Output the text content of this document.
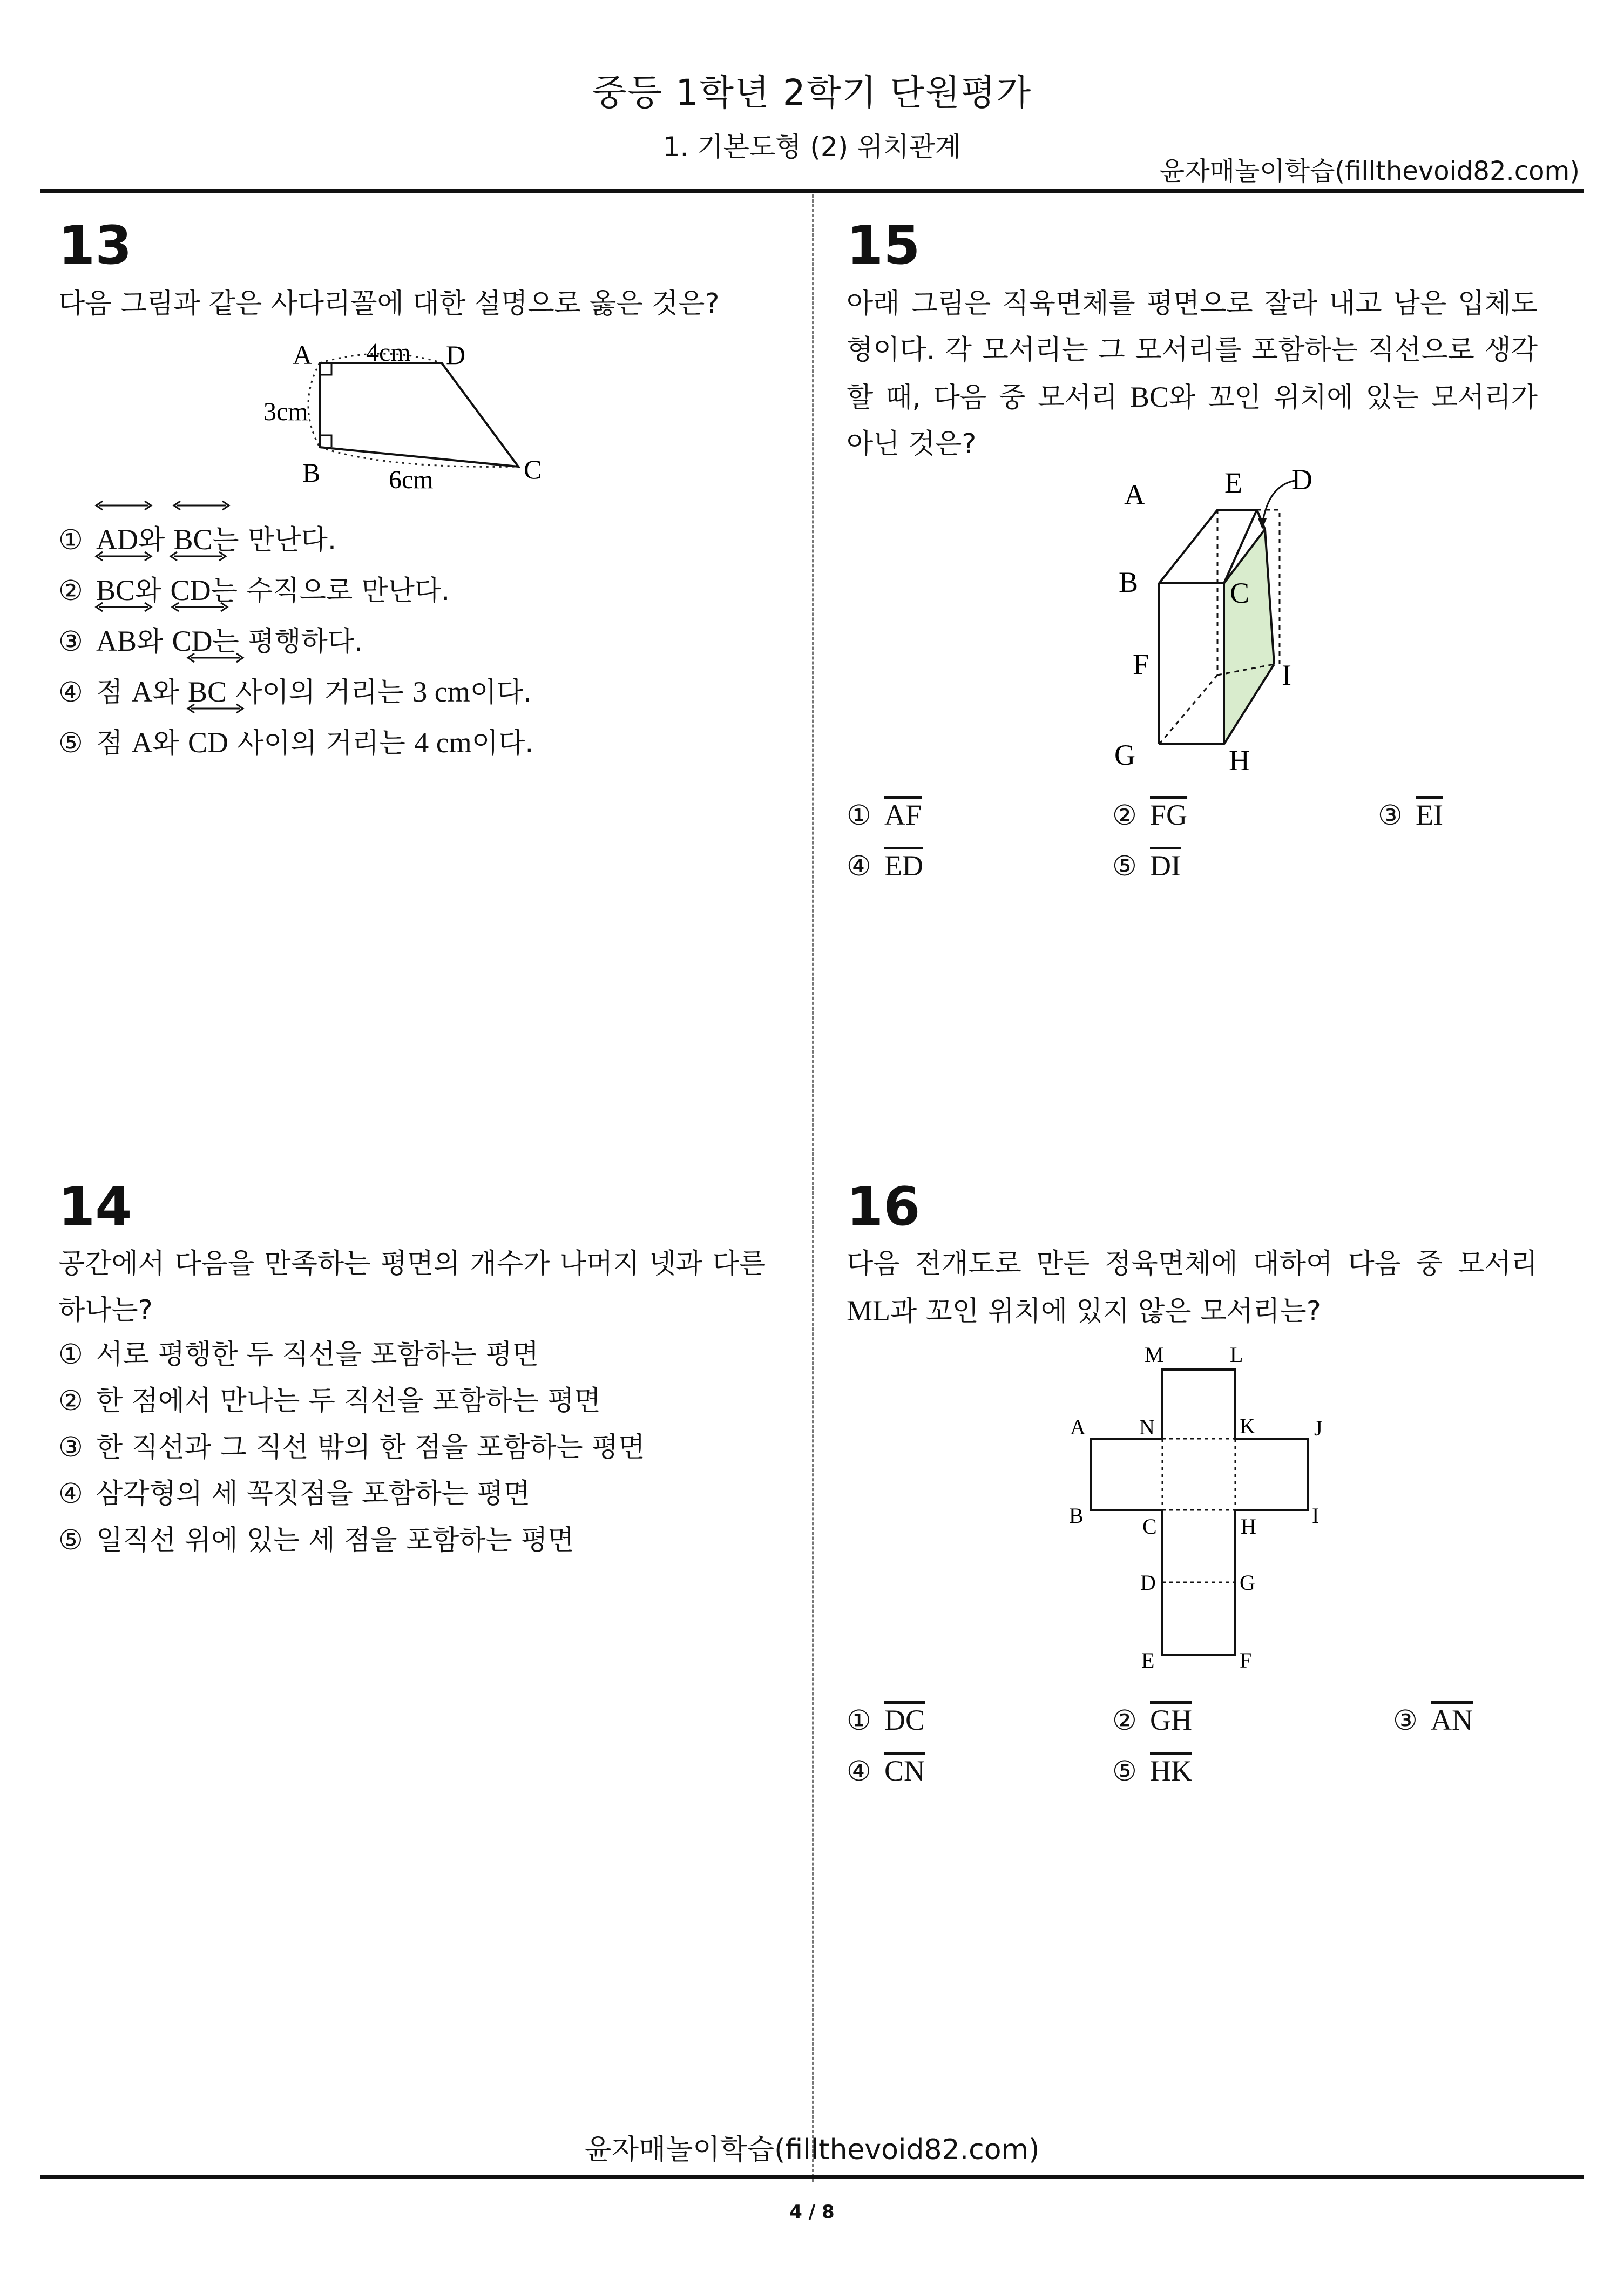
중등 1학년 2학기 단원평가
1. 기본도형 (2) 위치관계
윤자매놀이학습(fillthevoid82.com)
13
다음 그림과 같은 사다리꼴에 대한 설명으로 옳은 것은?
A	D
C
B
4cm
3cm
6cm
① AD와 BC는 만난다.
② BC와 CD는 수직으로 만난다.
③ AB와 CD는 평행하다.
④ 점 A와
BC 사이의 거리는 3 cm이다.
⑤ 점 A와
CD 사이의 거리는 4 cm이다.
14
공간에서 다음을 만족하는 평면의 개수가 나머지 넷과 다른 하나는?
① 서로 평행한 두 직선을 포함하는 평면
② 한 점에서 만나는 두 직선을 포함하는 평면
③ 한 직선과 그 직선 밖의 한 점을 포함하는 평면
④ 삼각형의 세 꼭짓점을 포함하는 평면
⑤ 일직선 위에 있는 세 점을 포함하는 평면
15
아래 그림은 직육면체를 평면으로 잘라 내고 남은 입체도형이다. 각 모서리는 그 모서리를 포함하는 직선으로 생각할 때, 다음 중 모서리 BC와 꼬인 위치에 있는 모서리가 아닌 것은?
A	E D
B	C
F	I
G	H
① $\overline{AF}$	② $\overline{FG}$	③ $\overline{EI}$
④ $\overline{ED}$	⑤ $\overline{DI}$
16
다음 전개도로 만든 정육면체에 대하여 다음 중 모서리 ML과 꼬인 위치에 있지 않은 모서리는?
M	L
A N	K	J
B	C	H	I
D	G
E	F
① $\overline{DC}$	② $\overline{GH}$	③ $\overline{AN}$
④ $\overline{CN}$	⑤ $\overline{HK}$
윤자매놀이학습(fillthevoid82.com)
4 / 8
